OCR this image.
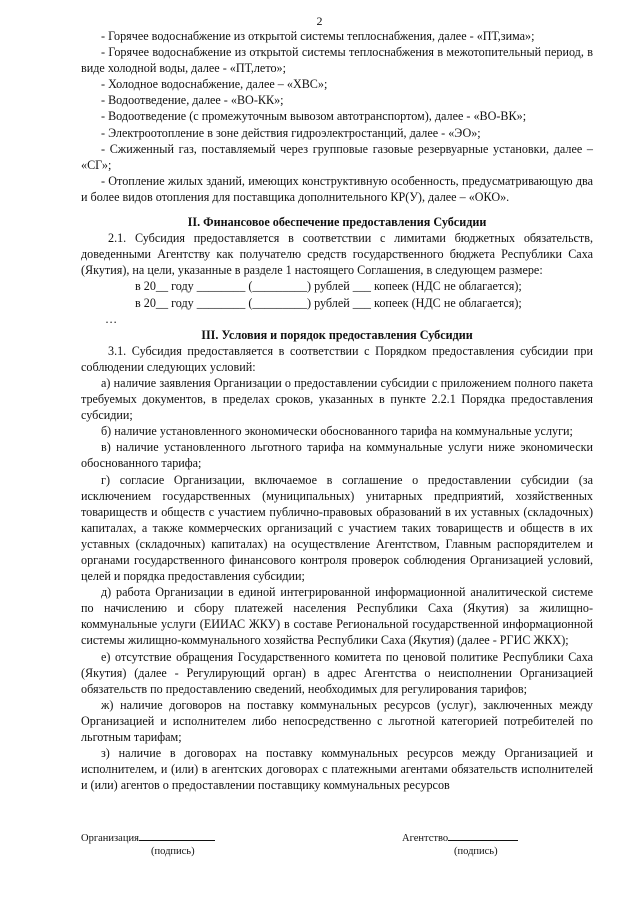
2

- Горячее водоснабжение из открытой системы теплоснабжения, далее - «ПТ,зима»;

- Горячее водоснабжение из открытой системы теплоснабжения в межотопительный период, в виде холодной воды, далее - «ПТ,лето»;

- Холодное водоснабжение, далее – «ХВС»;

- Водоотведение, далее - «ВО-КК»;

- Водоотведение (с промежуточным вывозом автотранспортом), далее - «ВО-ВК»;

- Электроотопление в зоне действия гидроэлектростанций, далее - «ЭО»;

- Сжиженный газ, поставляемый через групповые газовые резервуарные установки, далее – «СГ»;

- Отопление жилых зданий, имеющих конструктивную особенность, предусматривающую два и более видов отопления для поставщика дополнительного КР(У), далее – «ОКО».

II. Финансовое обеспечение предоставления Субсидии

2.1. Субсидия предоставляется в соответствии с лимитами бюджетных обязательств, доведенными Агентству как получателю средств государственного бюджета Республики Саха (Якутия), на цели, указанные в разделе 1 настоящего Соглашения, в следующем размере:

в 20__ году ________ (_________) рублей ___ копеек (НДС не облагается);

в 20__ году ________ (_________) рублей ___ копеек (НДС не облагается);

…

III. Условия и порядок предоставления Субсидии

3.1. Субсидия предоставляется в соответствии с Порядком предоставления субсидии при соблюдении следующих условий:

а) наличие заявления Организации о предоставлении субсидии с приложением полного пакета требуемых документов, в пределах сроков, указанных в пункте 2.2.1 Порядка предоставления субсидии;

б) наличие установленного экономически обоснованного тарифа на коммунальные услуги;

в) наличие установленного льготного тарифа на коммунальные услуги ниже экономически обоснованного тарифа;

г) согласие Организации, включаемое в соглашение о предоставлении субсидии (за исключением государственных (муниципальных) унитарных предприятий, хозяйственных товариществ и обществ с участием публично-правовых образований в их уставных (складочных) капиталах, а также коммерческих организаций с участием таких товариществ и обществ в их уставных (складочных) капиталах) на осуществление Агентством, Главным распорядителем и органами государственного финансового контроля проверок соблюдения Организацией условий, целей и порядка предоставления субсидии;

д) работа Организации в единой интегрированной информационной аналитической системе по начислению и сбору платежей населения Республики Саха (Якутия) за жилищно-коммунальные услуги (ЕИИАС ЖКУ) в составе Региональной государственной информационной системы жилищно-коммунального хозяйства Республики Саха (Якутия) (далее - РГИС ЖКХ);

е) отсутствие обращения Государственного комитета по ценовой политике Республики Саха (Якутия) (далее - Регулирующий орган) в адрес Агентства о неисполнении Организацией обязательств по предоставлению сведений, необходимых для регулирования тарифов;

ж) наличие договоров на поставку коммунальных ресурсов (услуг), заключенных между Организацией и исполнителем либо непосредственно с льготной категорией потребителей по льготным тарифам;

з) наличие в договорах на поставку коммунальных ресурсов между Организацией и исполнителем, и (или) в агентских договорах с платежными агентами обязательств исполнителей и (или) агентов о предоставлении поставщику коммунальных ресурсов

Организация
(подпись)
Агентство
(подпись)
